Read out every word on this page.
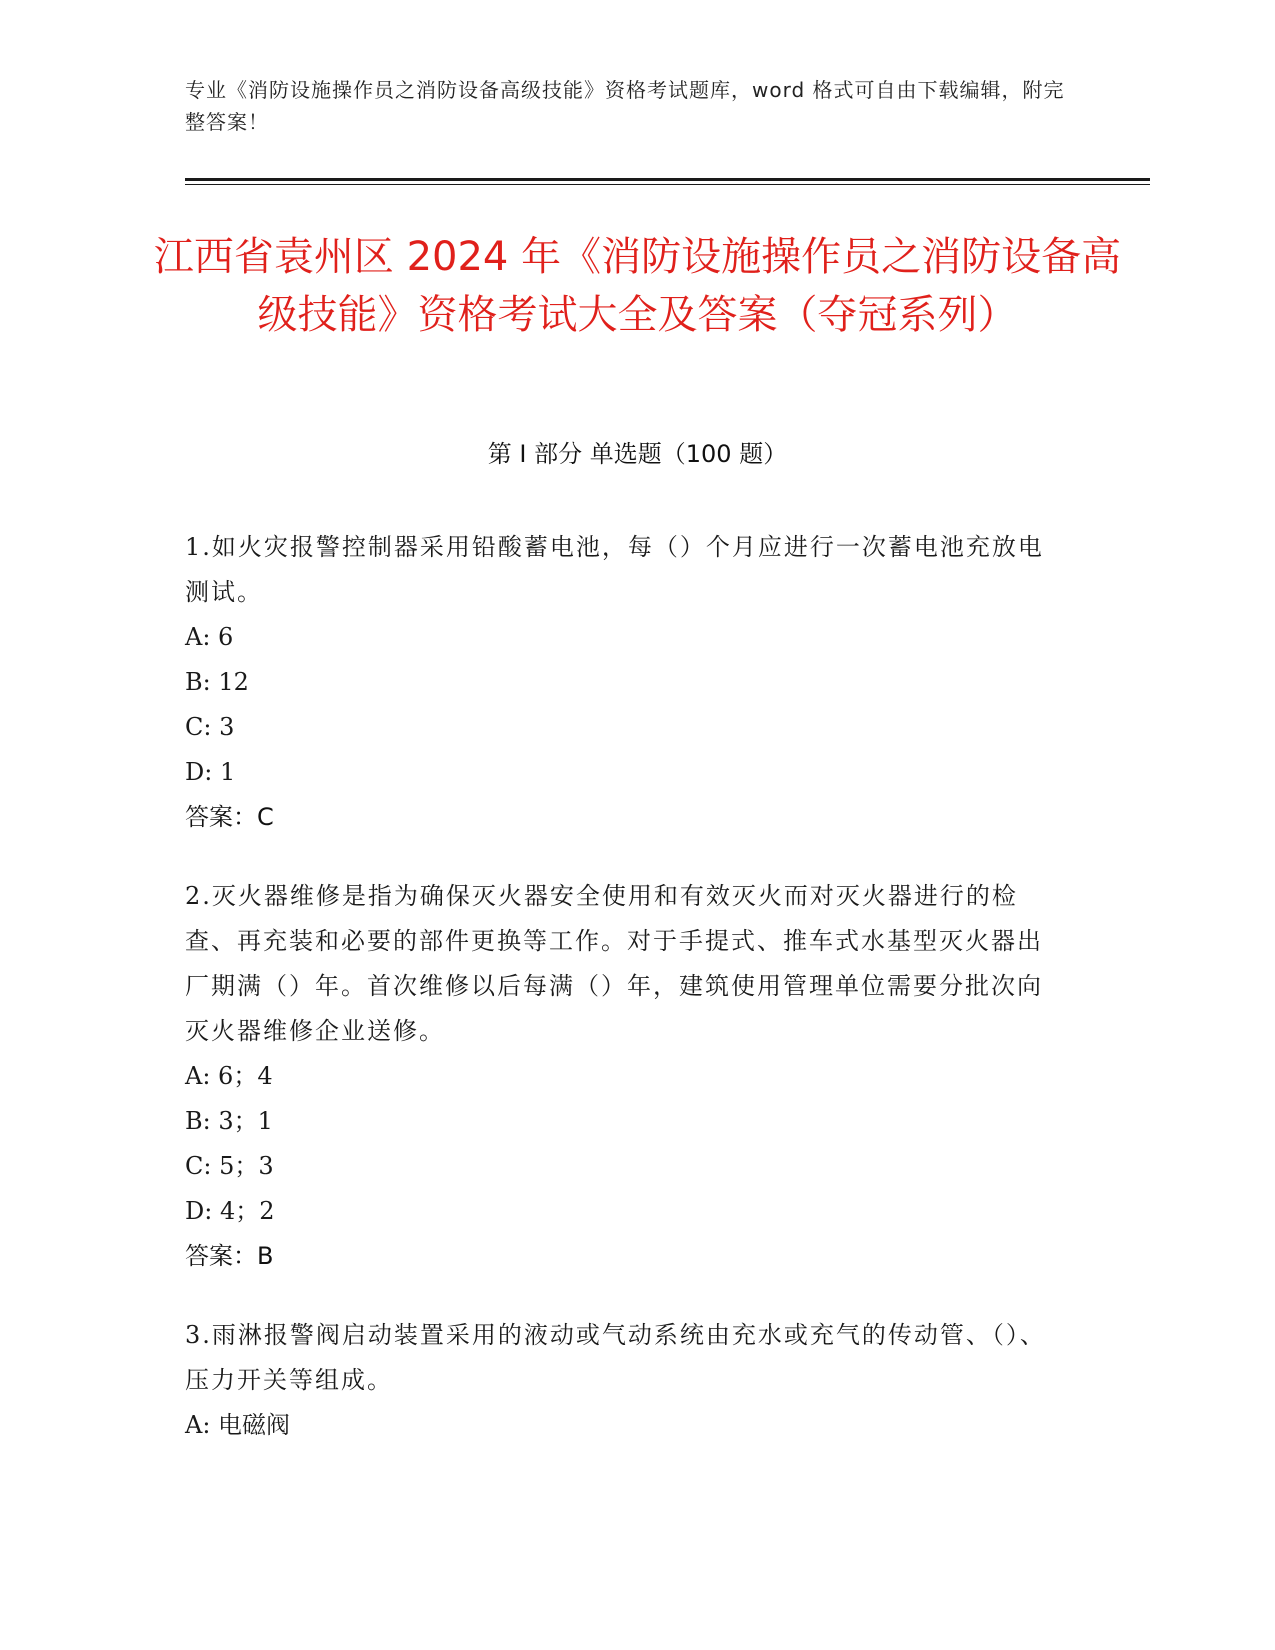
专业《消防设施操作员之消防设备高级技能》资格考试题库，word 格式可自由下载编辑，附完整答案！
江西省袁州区 2024 年《消防设施操作员之消防设备高级技能》资格考试大全及答案（夺冠系列）
第 I 部分 单选题（100 题）

1.如火灾报警控制器采用铅酸蓄电池，每（）个月应进行一次蓄电池充放电测试。

A: 6

B: 12

C: 3

D: 1

答案：C

2.灭火器维修是指为确保灭火器安全使用和有效灭火而对灭火器进行的检查、再充装和必要的部件更换等工作。对于手提式、推车式水基型灭火器出厂期满（）年。首次维修以后每满（）年，建筑使用管理单位需要分批次向灭火器维修企业送修。

A: 6；4

B: 3；1

C: 5；3

D: 4；2

答案：B

3.雨淋报警阀启动装置采用的液动或气动系统由充水或充气的传动管、（）、压力开关等组成。

A: 电磁阀
